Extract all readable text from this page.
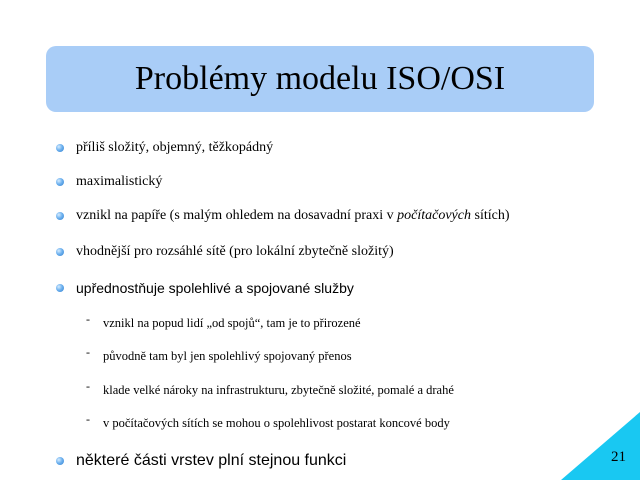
Problémy modelu ISO/OSI
příliš složitý, objemný, těžkopádný
maximalistický
vznikl na papíře (s malým ohledem na dosavadní praxi v počítačových sítích)
vhodnější pro rozsáhlé sítě (pro lokální zbytečně složitý)
upřednostňuje spolehlivé a spojované služby
- vznikl na popud lidí „od spojů“, tam je to přirozené
- původně tam byl jen spolehlivý spojovaný přenos
- klade velké nároky na infrastrukturu, zbytečně složité, pomalé a drahé
- v počítačových sítích se mohou o spolehlivost postarat koncové body
některé části vrstev plní stejnou funkci	21
